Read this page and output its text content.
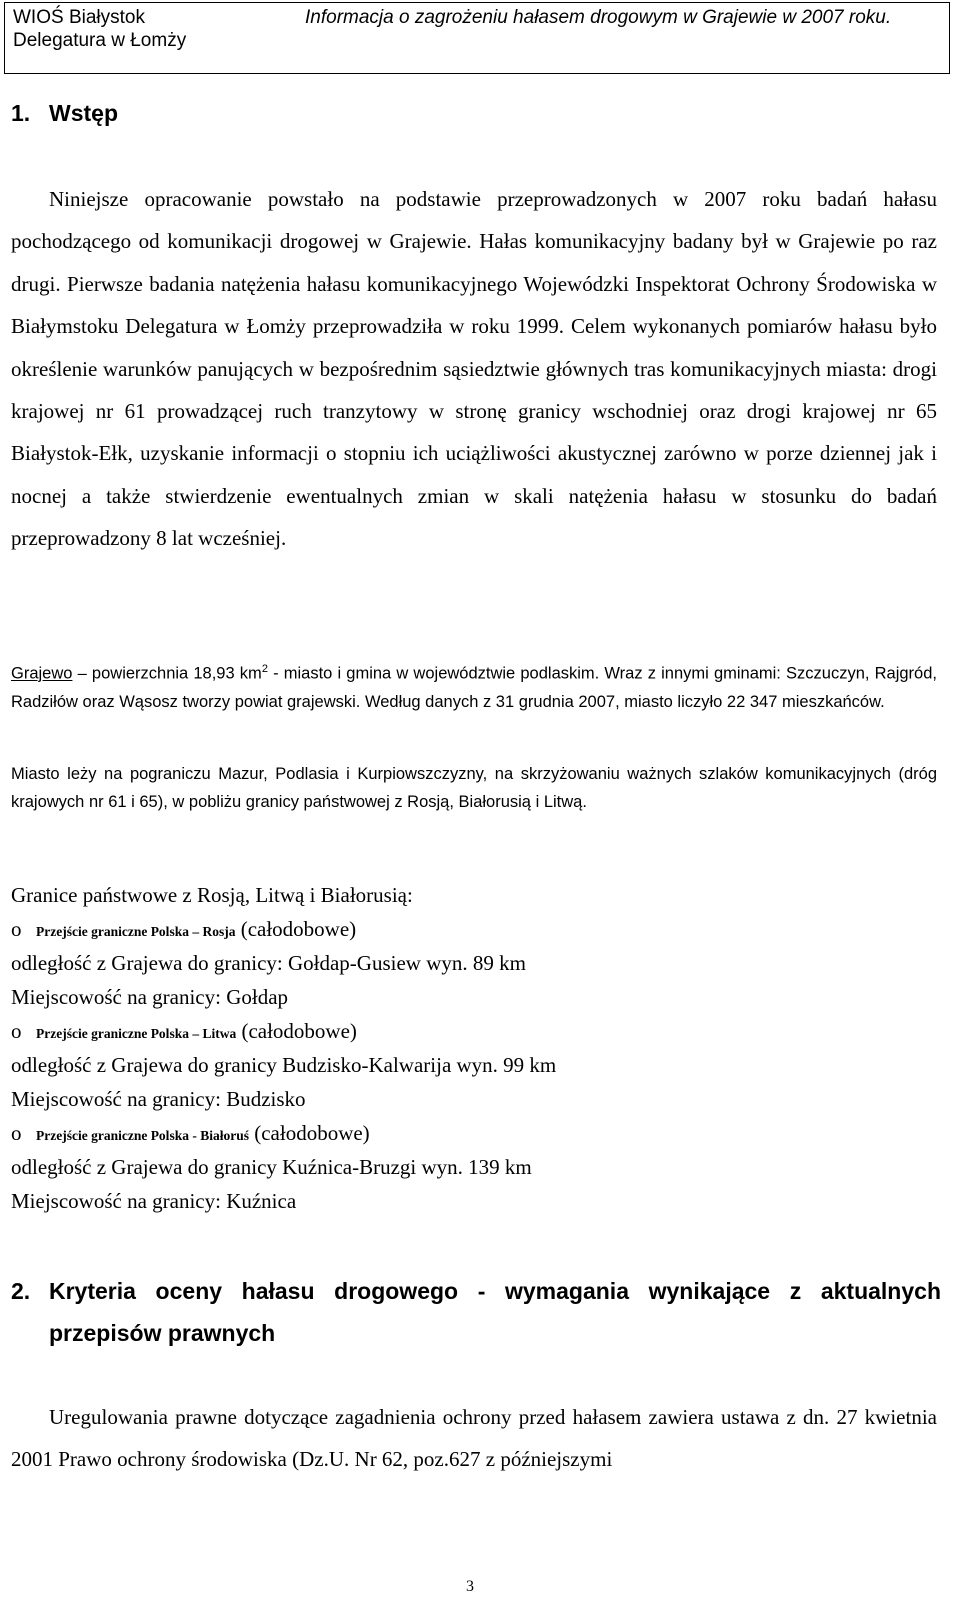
WIOŚ Białystok
Delegatura w Łomży
Informacja o zagrożeniu hałasem drogowym w Grajewie w 2007 roku.
1. Wstęp

Niniejsze opracowanie powstało na podstawie przeprowadzonych w 2007 roku badań hałasu pochodzącego od komunikacji drogowej w Grajewie. Hałas komunikacyjny badany był w Grajewie po raz drugi. Pierwsze badania natężenia hałasu komunikacyjnego Wojewódzki Inspektorat Ochrony Środowiska w Białymstoku Delegatura w Łomży przeprowadziła w roku 1999. Celem wykonanych pomiarów hałasu było określenie warunków panujących w bezpośrednim sąsiedztwie głównych tras komunikacyjnych miasta: drogi krajowej nr 61 prowadzącej ruch tranzytowy w stronę granicy wschodniej oraz drogi krajowej nr 65 Białystok-Ełk, uzyskanie informacji o stopniu ich uciążliwości akustycznej zarówno w porze dziennej jak i nocnej a także stwierdzenie ewentualnych zmian w skali natężenia hałasu w stosunku do badań przeprowadzony 8 lat wcześniej.

Grajewo – powierzchnia 18,93 $km^2$ - miasto i gmina w województwie podlaskim. Wraz z innymi gminami: Szczuczyn, Rajgród, Radziłów oraz Wąsosz tworzy powiat grajewski. Według danych z 31 grudnia 2007, miasto liczyło 22 347 mieszkańców.

Miasto leży na pograniczu Mazur, Podlasia i Kurpiowszczyzny, na skrzyżowaniu ważnych szlaków komunikacyjnych (dróg krajowych nr 61 i 65), w pobliżu granicy państwowej z Rosją, Białorusią i Litwą.

Granice państwowe z Rosją, Litwą i Białorusią:
o Przejście graniczne Polska – Rosja (całodobowe)
odległość z Grajewa do granicy: Gołdap-Gusiew wyn. 89 km
Miejscowość na granicy: Gołdap
o Przejście graniczne Polska – Litwa (całodobowe)
odległość z Grajewa do granicy Budzisko-Kalwarija wyn. 99 km
Miejscowość na granicy: Budzisko
o Przejście graniczne Polska - Białoruś (całodobowe)
odległość z Grajewa do granicy Kuźnica-Bruzgi wyn. 139 km
Miejscowość na granicy: Kuźnica
2. Kryteria oceny hałasu drogowego - wymagania wynikające z aktualnych przepisów prawnych

Uregulowania prawne dotyczące zagadnienia ochrony przed hałasem zawiera ustawa z dn. 27 kwietnia 2001 Prawo ochrony środowiska (Dz.U. Nr 62, poz.627 z późniejszymi

3
